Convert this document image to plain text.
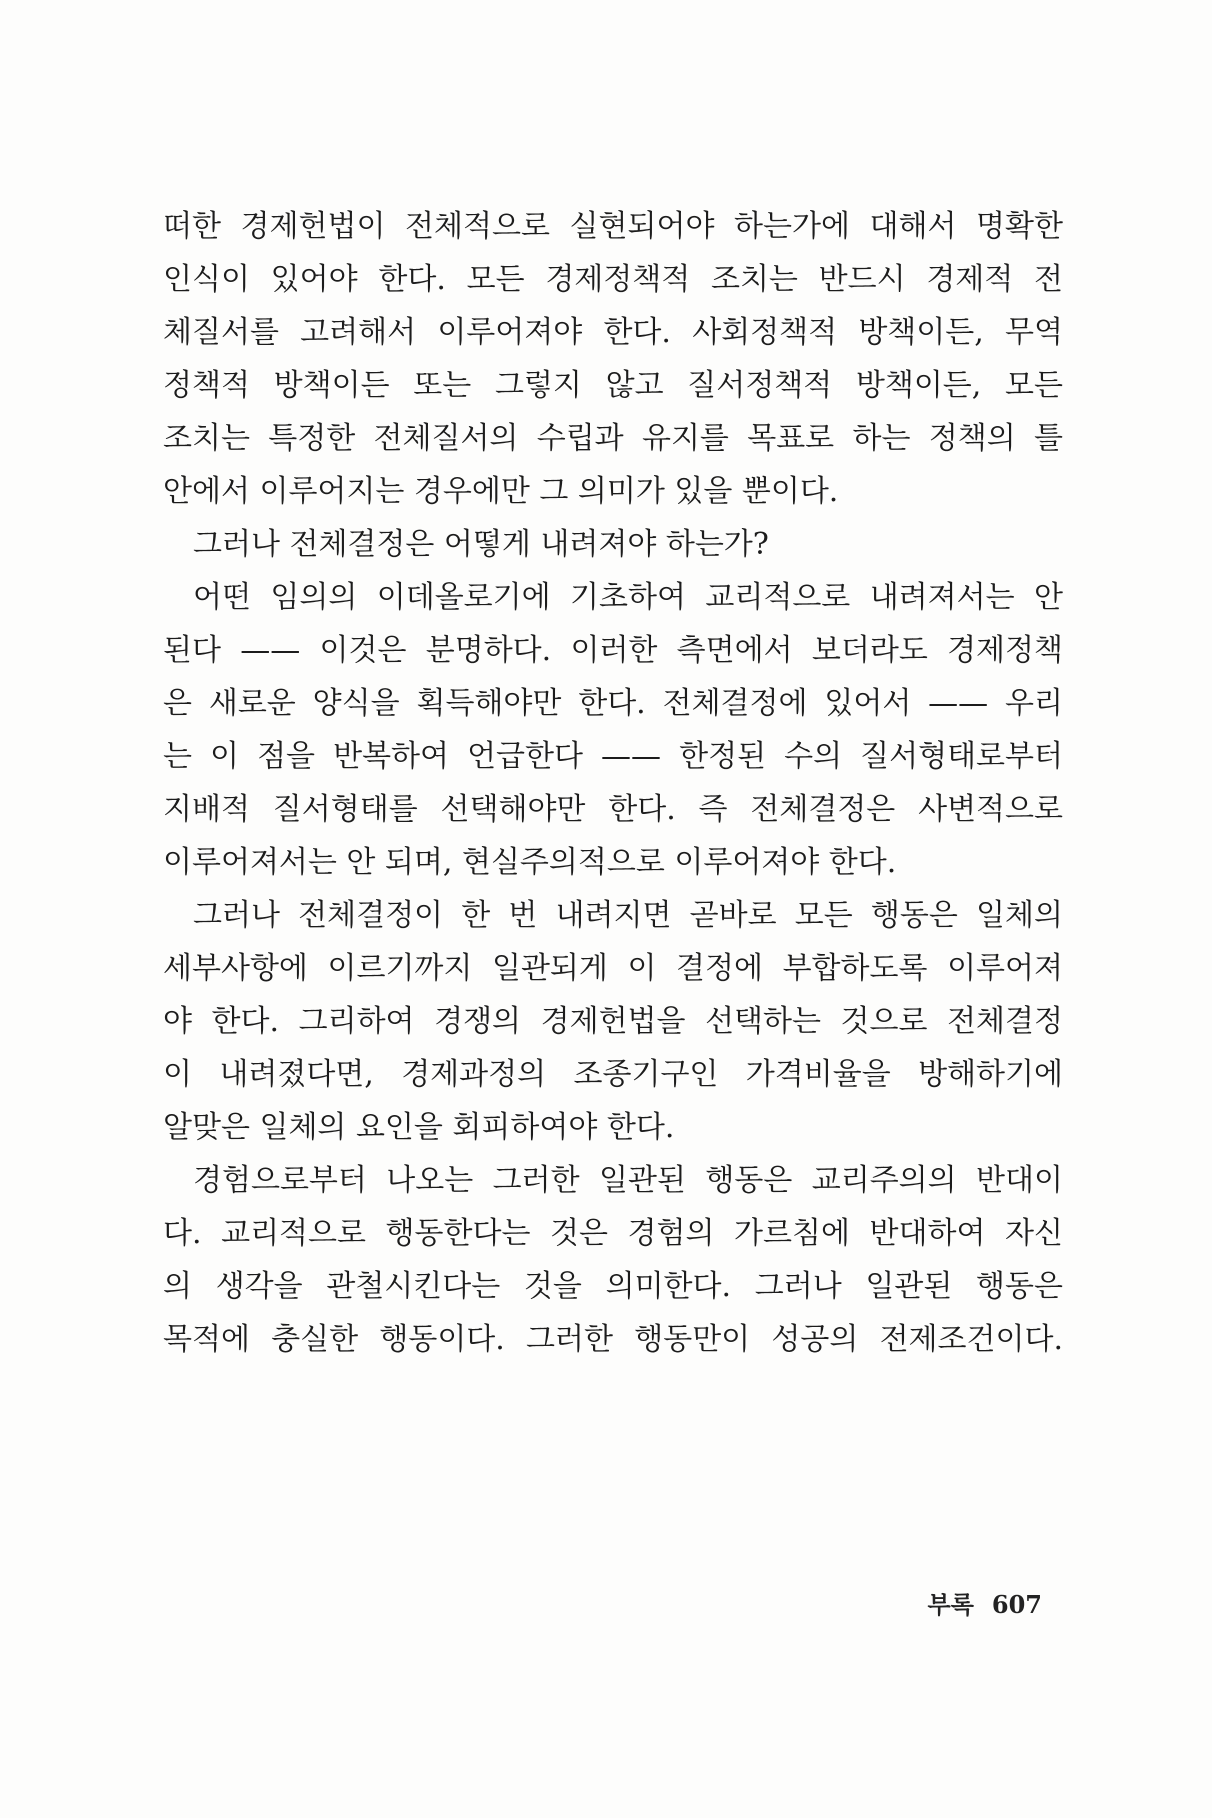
떠한 경제헌법이 전체적으로 실현되어야 하는가에 대해서 명확한
인식이 있어야 한다. 모든 경제정책적 조치는 반드시 경제적 전
체질서를 고려해서 이루어져야 한다. 사회정책적 방책이든, 무역
정책적 방책이든 또는 그렇지 않고 질서정책적 방책이든, 모든
조치는 특정한 전체질서의 수립과 유지를 목표로 하는 정책의 틀
안에서 이루어지는 경우에만 그 의미가 있을 뿐이다.
그러나 전체결정은 어떻게 내려져야 하는가?
어떤 임의의 이데올로기에 기초하여 교리적으로 내려져서는 안
된다 —— 이것은 분명하다. 이러한 측면에서 보더라도 경제정책
은 새로운 양식을 획득해야만 한다. 전체결정에 있어서 —— 우리
는 이 점을 반복하여 언급한다 —— 한정된 수의 질서형태로부터
지배적 질서형태를 선택해야만 한다. 즉 전체결정은 사변적으로
이루어져서는 안 되며, 현실주의적으로 이루어져야 한다.
그러나 전체결정이 한 번 내려지면 곧바로 모든 행동은 일체의
세부사항에 이르기까지 일관되게 이 결정에 부합하도록 이루어져
야 한다. 그리하여 경쟁의 경제헌법을 선택하는 것으로 전체결정
이 내려졌다면, 경제과정의 조종기구인 가격비율을 방해하기에
알맞은 일체의 요인을 회피하여야 한다.
경험으로부터 나오는 그러한 일관된 행동은 교리주의의 반대이
다. 교리적으로 행동한다는 것은 경험의 가르침에 반대하여 자신
의 생각을 관철시킨다는 것을 의미한다. 그러나 일관된 행동은
목적에 충실한 행동이다. 그러한 행동만이 성공의 전제조건이다.
부록 607
